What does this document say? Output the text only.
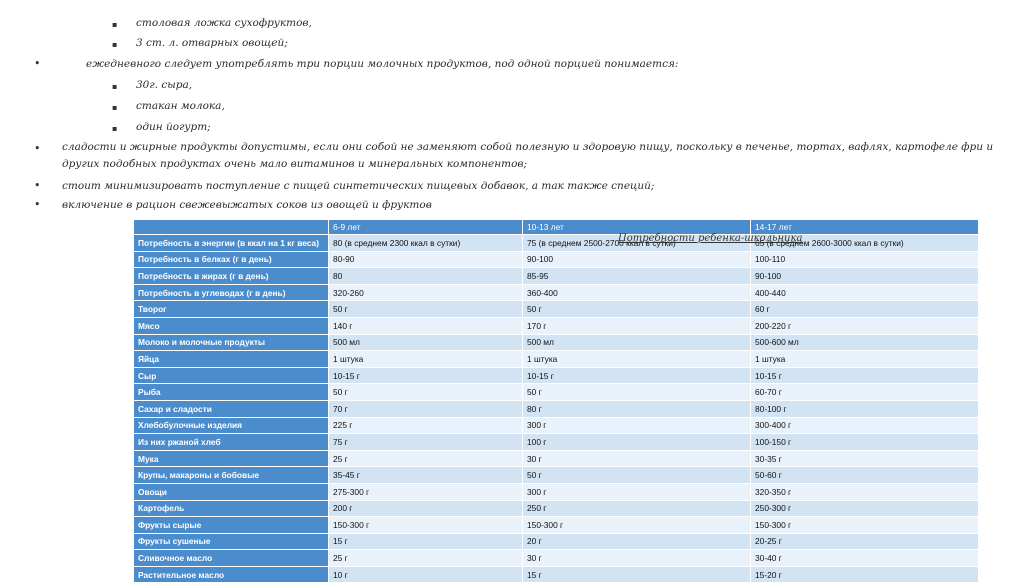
▪ столовая ложка сухофруктов,
▪ 3 ст. л. отварных овощей;
•	ежедневного следует употреблять три порции молочных продуктов, под одной порцией понимается:
▪ 30г. сыра,
▪ стакан молока,
▪ один йогурт;
• сладости и жирные продукты допустимы, если они собой не заменяют собой полезную и здоровую пищу, поскольку в печенье, тортах, вафлях, картофеле фри и других подобных продуктах очень мало витаминов и минеральных компонентов;
• стоит минимизировать поступление с пищей синтетических пищевых добавок, а так также специй;
• включение в рацион свежевыжатых соков из овощей и фруктов
	6-9 лет	10-13 лет	14-17 лет
Потребность в энергии (в ккал на 1 кг веса)	80 (в среднем 2300 ккал в сутки)	75 (в среднем 2500-2700 ккал в сутки)	65 (в среднем 2600-3000 ккал в сутки)
Потребность в белках (г в день)	80-90	90-100	100-110
Потребность в жирах (г в день)	80	85-95	90-100
Потребность в углеводах (г в день)	320-260	360-400	400-440
Творог	50 г	50 г	60 г
Мясо	140 г	170 г	200-220 г
Молоко и молочные продукты	500 мл	500 мл	500-600 мл
Яйца	1 штука	1 штука	1 штука
Сыр	10-15 г	10-15 г	10-15 г
Рыба	50 г	50 г	60-70 г
Сахар и сладости	70 г	80 г	80-100 г
Хлебобулочные изделия	225 г	300 г	300-400 г
Из них ржаной хлеб	75 г	100 г	100-150 г
Мука	25 г	30 г	30-35 г
Крупы, макароны и бобовые	35-45 г	50 г	50-60 г
Овощи	275-300 г	300 г	320-350 г
Картофель	200 г	250 г	250-300 г
Фрукты сырые	150-300 г	150-300 г	150-300 г
Фрукты сушеные	15 г	20 г	20-25 г
Сливочное масло	25 г	30 г	30-40 г
Растительное масло	10 г	15 г	15-20 г
Потребности ребенка-школьника
